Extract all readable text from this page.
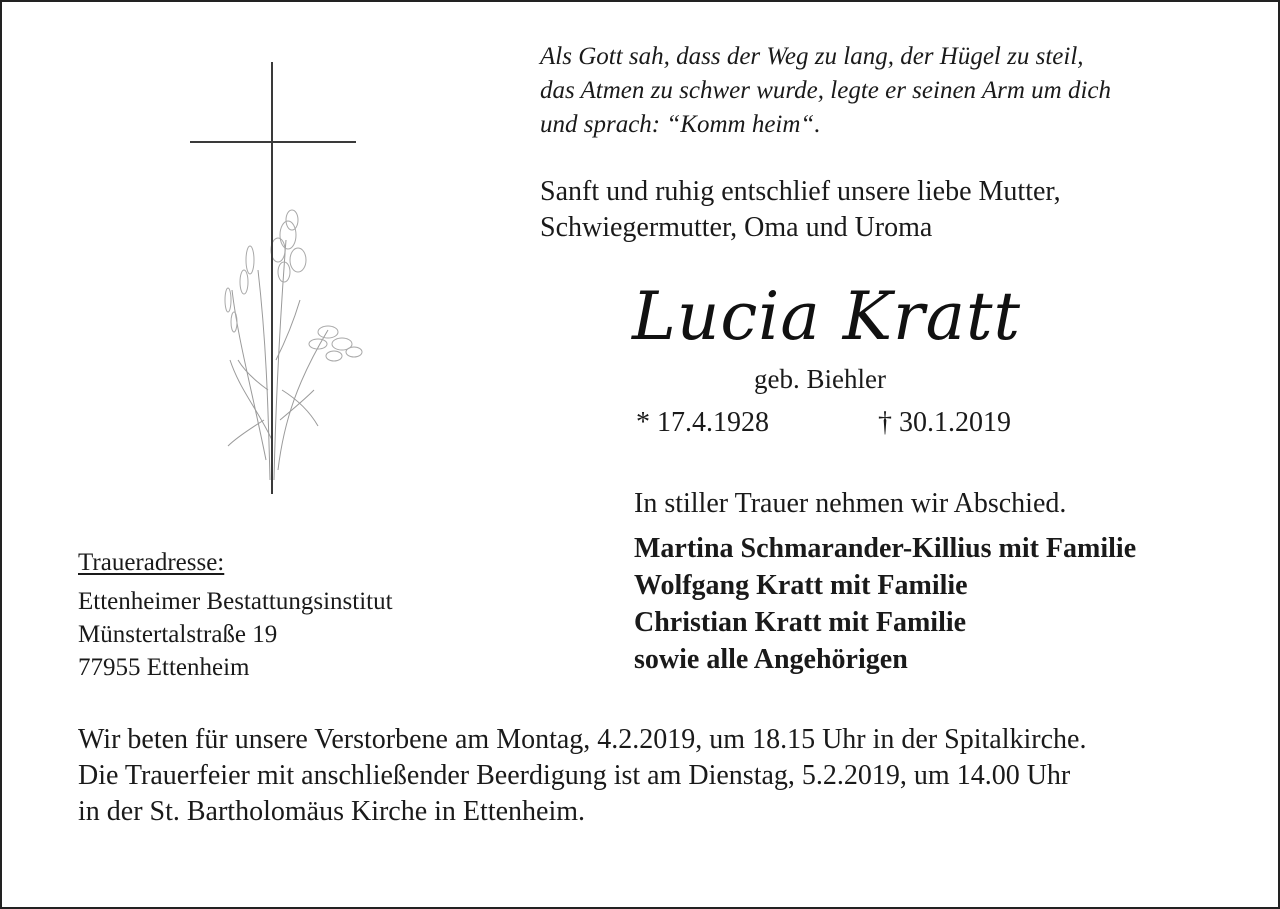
Als Gott sah, dass der Weg zu lang, der Hügel zu steil,
das Atmen zu schwer wurde, legte er seinen Arm um dich
und sprach: “Komm heim“.
Sanft und ruhig entschlief unsere liebe Mutter,
Schwiegermutter, Oma und Uroma
Lucia Kratt
geb. Biehler
* 17.4.1928	† 30.1.2019
In stiller Trauer nehmen wir Abschied.
Martina Schmarander-Killius mit Familie
Wolfgang Kratt mit Familie
Christian Kratt mit Familie
sowie alle Angehörigen
Traueradresse:
Ettenheimer Bestattungsinstitut
Münstertalstraße 19
77955 Ettenheim
Wir beten für unsere Verstorbene am Montag, 4.2.2019, um 18.15 Uhr in der Spitalkirche.
Die Trauerfeier mit anschließender Beerdigung ist am Dienstag, 5.2.2019, um 14.00 Uhr
in der St. Bartholomäus Kirche in Ettenheim.
